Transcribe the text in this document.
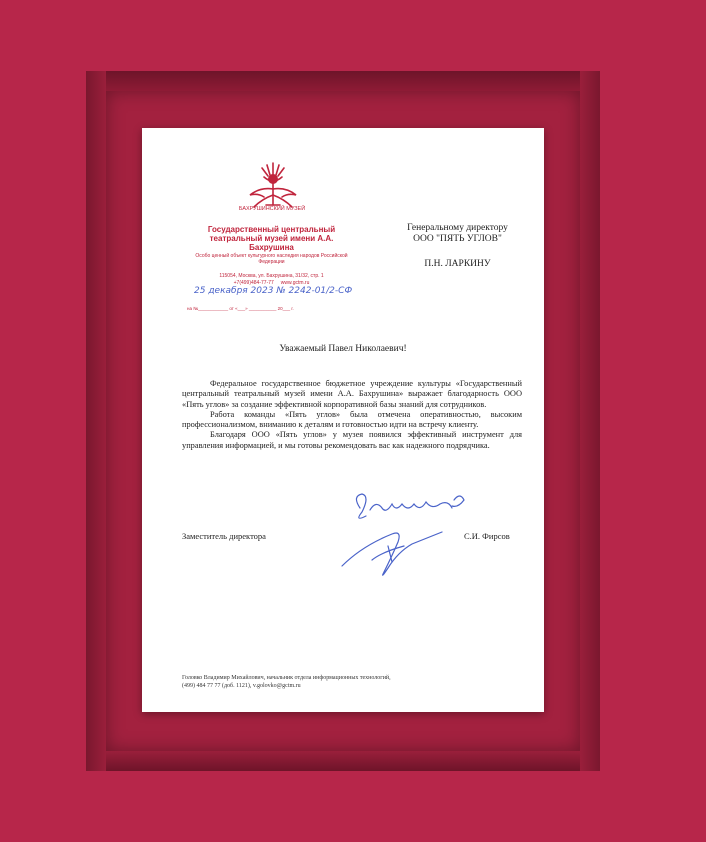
БАХРУШИНСКИЙ МУЗЕЙ
Государственный центральный театральный музей имени А.А. Бахрушина
Особо ценный объект культурного наследия народов Российской Федерации
115054, Москва, ул. Бахрушина, 31/32, стр. 1
+7(499)484-77-77 www.gctm.ru
25 декабря 2023 № 2242-01/2-СФ
на №____________ от «___» ___________ 20___ г.
Генеральному директору
ООО "ПЯТЬ УГЛОВ"
П.Н. ЛАРКИНУ
Уважаемый Павел Николаевич!

Федеральное государственное бюджетное учреждение культуры «Государственный центральный театральный музей имени А.А. Бахрушина» выражает благодарность ООО «Пять углов» за создание эффективной корпоративной базы знаний для сотрудников.

Работа команды «Пять углов» была отмечена оперативностью, высоким профессионализмом, вниманию к деталям и готовностью идти на встречу клиенту.

Благодаря ООО «Пять углов» у музея появился эффективный инструмент для управления информацией, и мы готовы рекомендовать вас как надежного подрядчика.

Заместитель директора	С.И. Фирсов
Головко Владимир Михайлович, начальник отдела информационных технологий,
(499) 484 77 77 (доб. 1121), v.golovko@gctm.ru
